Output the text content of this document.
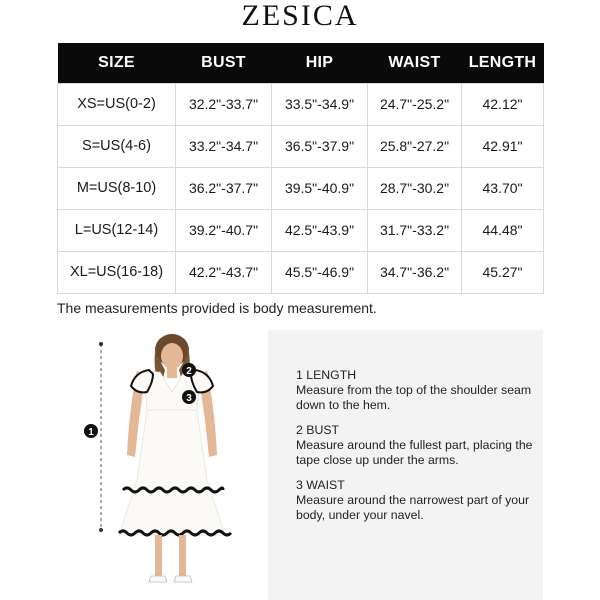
ZESICA
SIZE	BUST	HIP	WAIST	LENGTH
XS=US(0-2)	32.2"-33.7"	33.5"-34.9"	24.7"-25.2"	42.12"
S=US(4-6)	33.2"-34.7"	36.5"-37.9"	25.8"-27.2"	42.91"
M=US(8-10)	36.2"-37.7"	39.5"-40.9"	28.7"-30.2"	43.70"
L=US(12-14)	39.2"-40.7"	42.5"-43.9"	31.7"-33.2"	44.48"
XL=US(16-18)	42.2"-43.7"	45.5"-46.9"	34.7"-36.2"	45.27"
The measurements provided is body measurement.
1
2
3
1 LENGTH
Measure from the top of the shoulder seam down to the hem.
2 BUST
Measure around the fullest part, placing the tape close up under the arms.
3 WAIST
Measure around the narrowest part of your body, under your navel.
